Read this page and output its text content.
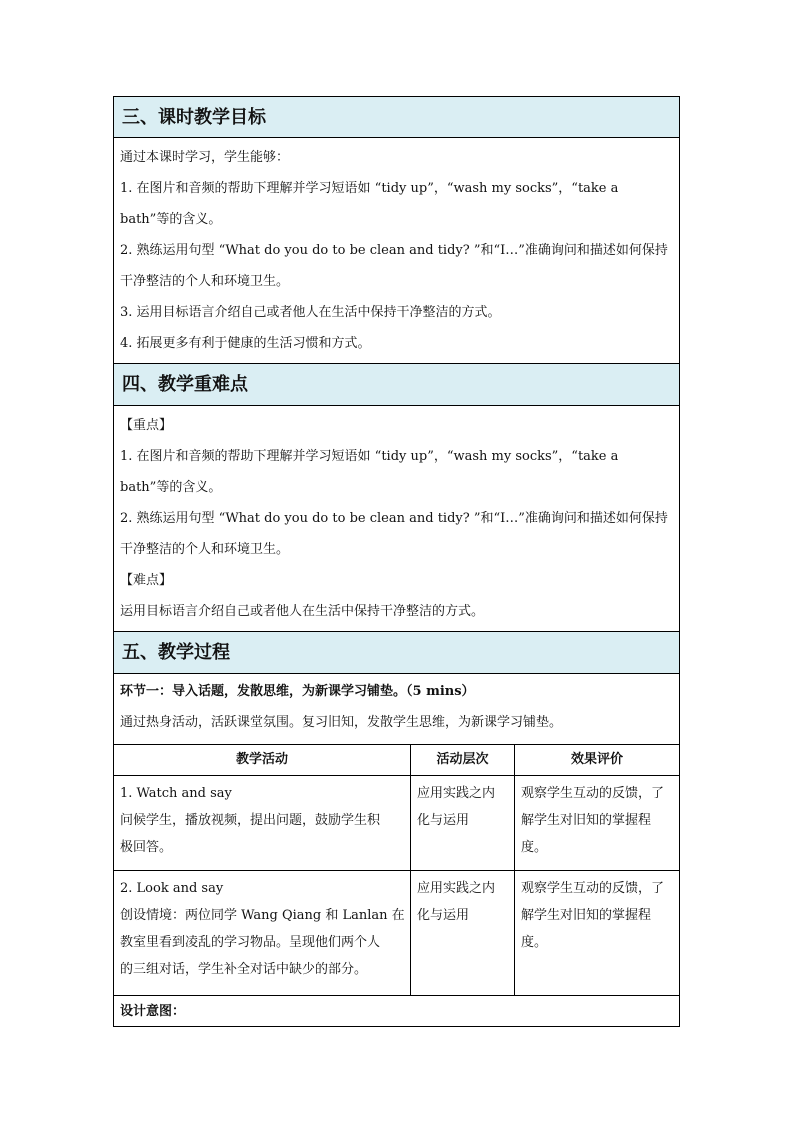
三、课时教学目标
通过本课时学习，学生能够：
1. 在图片和音频的帮助下理解并学习短语如 “tidy up”，“wash my socks”，“take a
bath”等的含义。
2. 熟练运用句型 “What do you do to be clean and tidy? ”和“I…”准确询问和描述如何保持
干净整洁的个人和环境卫生。
3. 运用目标语言介绍自己或者他人在生活中保持干净整洁的方式。
4. 拓展更多有利于健康的生活习惯和方式。
四、教学重难点
【重点】
1. 在图片和音频的帮助下理解并学习短语如 “tidy up”，“wash my socks”，“take a
bath”等的含义。
2. 熟练运用句型 “What do you do to be clean and tidy? ”和“I…”准确询问和描述如何保持
干净整洁的个人和环境卫生。
【难点】
运用目标语言介绍自己或者他人在生活中保持干净整洁的方式。
五、教学过程
环节一：导入话题，发散思维，为新课学习铺垫。（5 mins）
通过热身活动，活跃课堂氛围。复习旧知，发散学生思维，为新课学习铺垫。
教学活动	活动层次	效果评价
1. Watch and say
问候学生，播放视频，提出问题，鼓励学生积
极回答。
应用实践之内
化与运用
观察学生互动的反馈，了
解学生对旧知的掌握程
度。
2. Look and say
创设情境：两位同学 Wang Qiang 和 Lanlan 在
教室里看到凌乱的学习物品。呈现他们两个人
的三组对话，学生补全对话中缺少的部分。
应用实践之内
化与运用
观察学生互动的反馈，了
解学生对旧知的掌握程
度。
设计意图：
